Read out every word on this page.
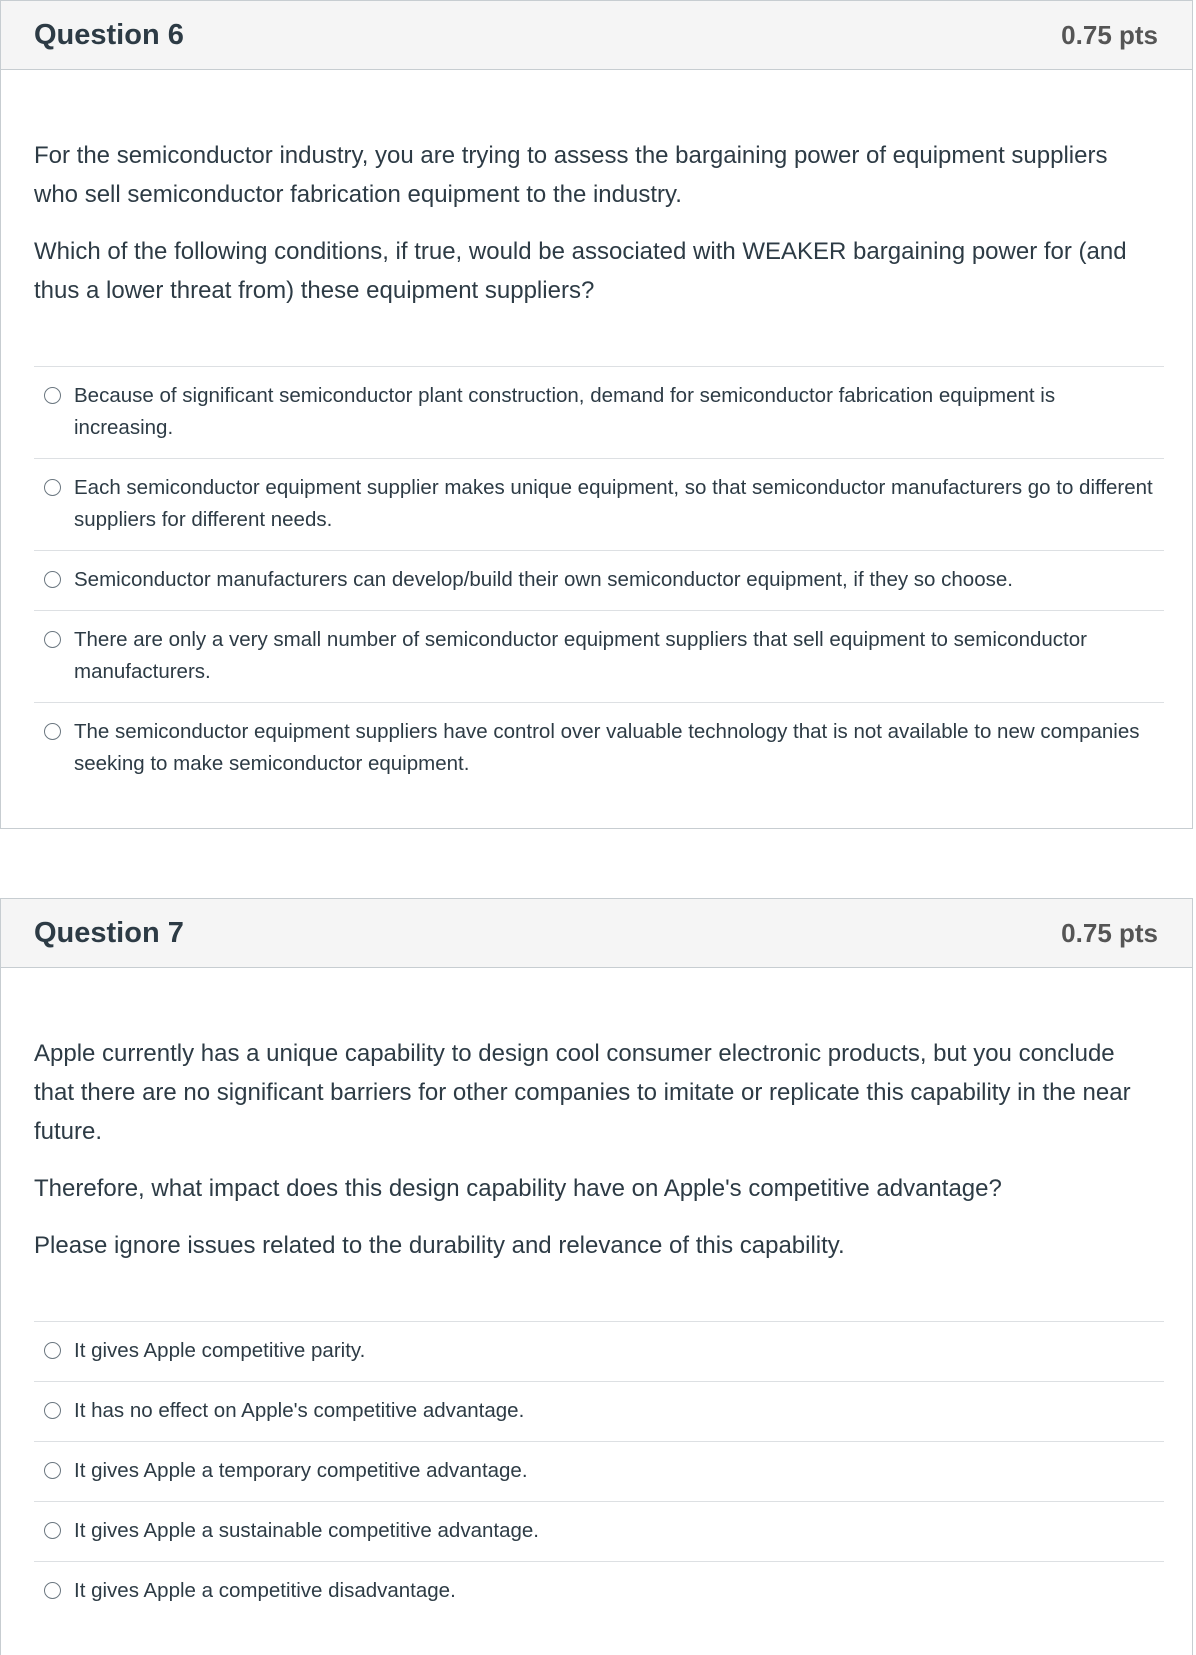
Question 6	0.75 pts

For the semiconductor industry, you are trying to assess the bargaining power of equipment suppliers who sell semiconductor fabrication equipment to the industry.

Which of the following conditions, if true, would be associated with WEAKER bargaining power for (and thus a lower threat from) these equipment suppliers?

Because of significant semiconductor plant construction, demand for semiconductor fabrication equipment is increasing.
Each semiconductor equipment supplier makes unique equipment, so that semiconductor manufacturers go to different suppliers for different needs.
Semiconductor manufacturers can develop/build their own semiconductor equipment, if they so choose.
There are only a very small number of semiconductor equipment suppliers that sell equipment to semiconductor manufacturers.
The semiconductor equipment suppliers have control over valuable technology that is not available to new companies seeking to make semiconductor equipment.
Question 7	0.75 pts

Apple currently has a unique capability to design cool consumer electronic products, but you conclude that there are no significant barriers for other companies to imitate or replicate this capability in the near future.

Therefore, what impact does this design capability have on Apple's competitive advantage?

Please ignore issues related to the durability and relevance of this capability.

It gives Apple competitive parity.
It has no effect on Apple's competitive advantage.
It gives Apple a temporary competitive advantage.
It gives Apple a sustainable competitive advantage.
It gives Apple a competitive disadvantage.
